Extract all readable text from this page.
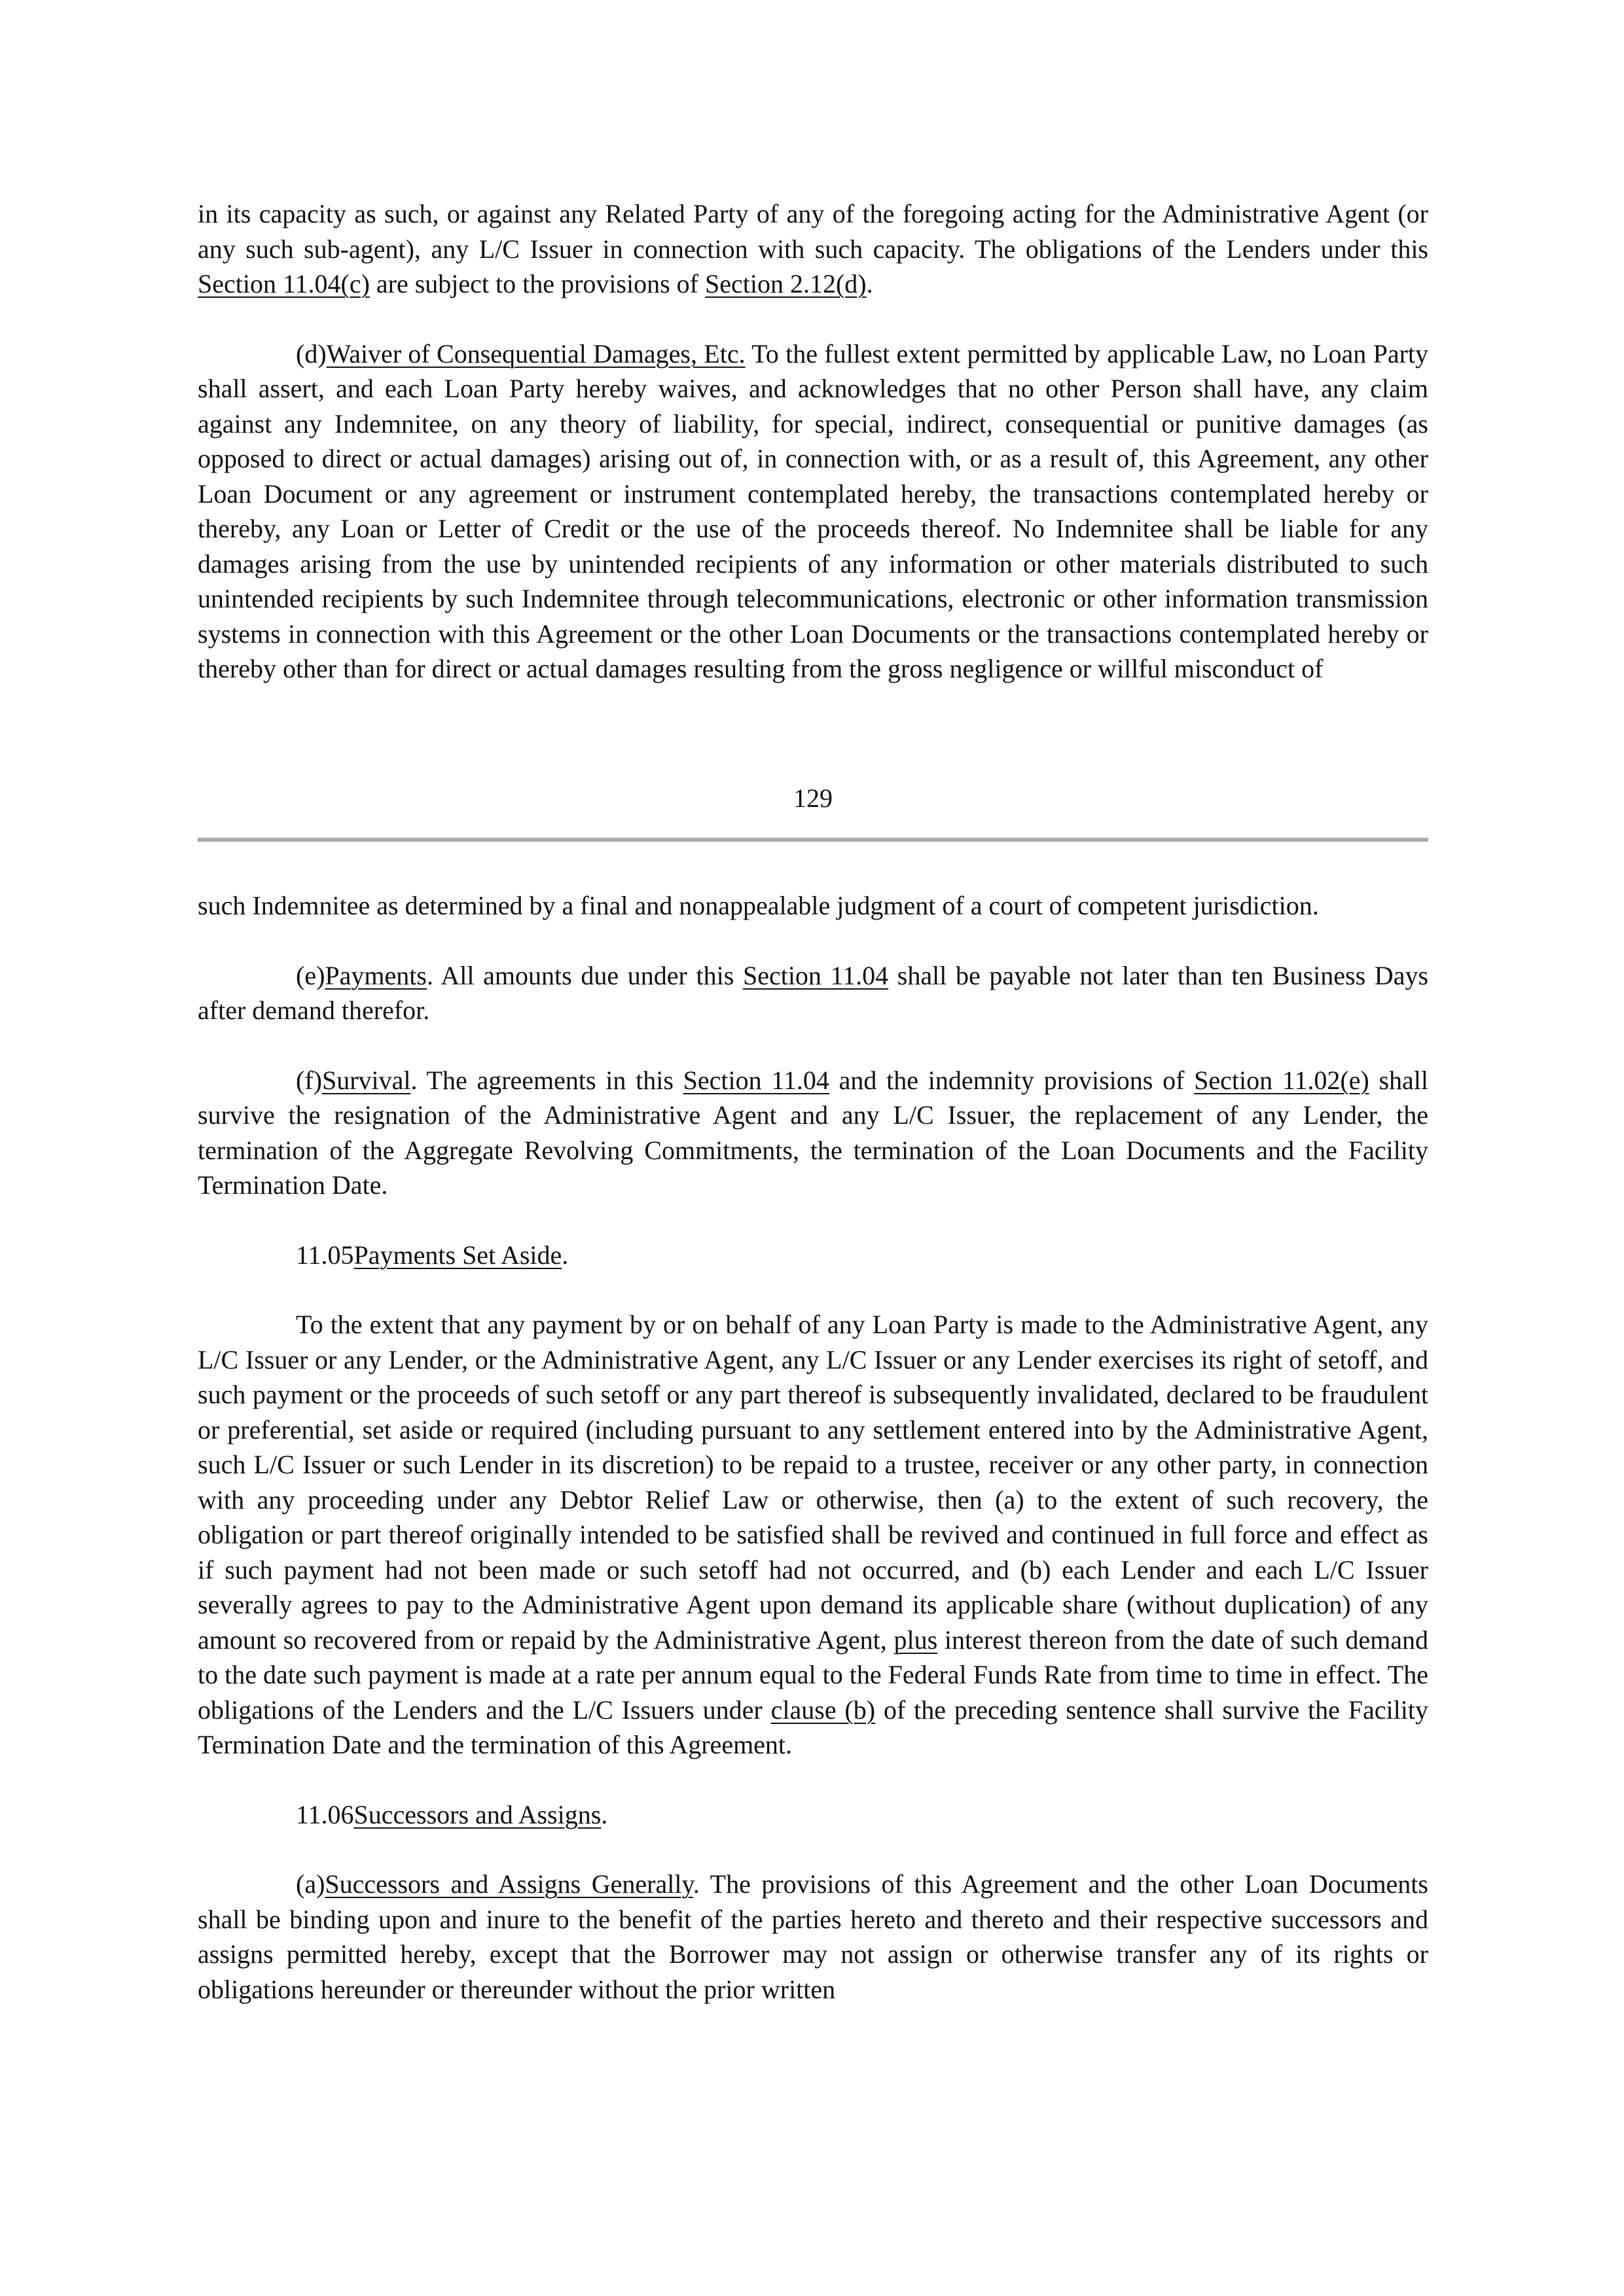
in its capacity as such, or against any Related Party of any of the foregoing acting for the Administrative Agent (or any such sub-agent), any L/C Issuer in connection with such capacity. The obligations of the Lenders under this Section 11.04(c) are subject to the provisions of Section 2.12(d).

(d)Waiver of Consequential Damages, Etc. To the fullest extent permitted by applicable Law, no Loan Party shall assert, and each Loan Party hereby waives, and acknowledges that no other Person shall have, any claim against any Indemnitee, on any theory of liability, for special, indirect, consequential or punitive damages (as opposed to direct or actual damages) arising out of, in connection with, or as a result of, this Agreement, any other Loan Document or any agreement or instrument contemplated hereby, the transactions contemplated hereby or thereby, any Loan or Letter of Credit or the use of the proceeds thereof. No Indemnitee shall be liable for any damages arising from the use by unintended recipients of any information or other materials distributed to such unintended recipients by such Indemnitee through telecommunications, electronic or other information transmission systems in connection with this Agreement or the other Loan Documents or the transactions contemplated hereby or thereby other than for direct or actual damages resulting from the gross negligence or willful misconduct of

129

such Indemnitee as determined by a final and nonappealable judgment of a court of competent jurisdiction.

(e)Payments. All amounts due under this Section 11.04 shall be payable not later than ten Business Days after demand therefor.

(f)Survival. The agreements in this Section 11.04 and the indemnity provisions of Section 11.02(e) shall survive the resignation of the Administrative Agent and any L/C Issuer, the replacement of any Lender, the termination of the Aggregate Revolving Commitments, the termination of the Loan Documents and the Facility Termination Date.

11.05Payments Set Aside.

To the extent that any payment by or on behalf of any Loan Party is made to the Administrative Agent, any L/C Issuer or any Lender, or the Administrative Agent, any L/C Issuer or any Lender exercises its right of setoff, and such payment or the proceeds of such setoff or any part thereof is subsequently invalidated, declared to be fraudulent or preferential, set aside or required (including pursuant to any settlement entered into by the Administrative Agent, such L/C Issuer or such Lender in its discretion) to be repaid to a trustee, receiver or any other party, in connection with any proceeding under any Debtor Relief Law or otherwise, then (a) to the extent of such recovery, the obligation or part thereof originally intended to be satisfied shall be revived and continued in full force and effect as if such payment had not been made or such setoff had not occurred, and (b) each Lender and each L/C Issuer severally agrees to pay to the Administrative Agent upon demand its applicable share (without duplication) of any amount so recovered from or repaid by the Administrative Agent, plus interest thereon from the date of such demand to the date such payment is made at a rate per annum equal to the Federal Funds Rate from time to time in effect. The obligations of the Lenders and the L/C Issuers under clause (b) of the preceding sentence shall survive the Facility Termination Date and the termination of this Agreement.

11.06Successors and Assigns.

(a)Successors and Assigns Generally. The provisions of this Agreement and the other Loan Documents shall be binding upon and inure to the benefit of the parties hereto and thereto and their respective successors and assigns permitted hereby, except that the Borrower may not assign or otherwise transfer any of its rights or obligations hereunder or thereunder without the prior written
